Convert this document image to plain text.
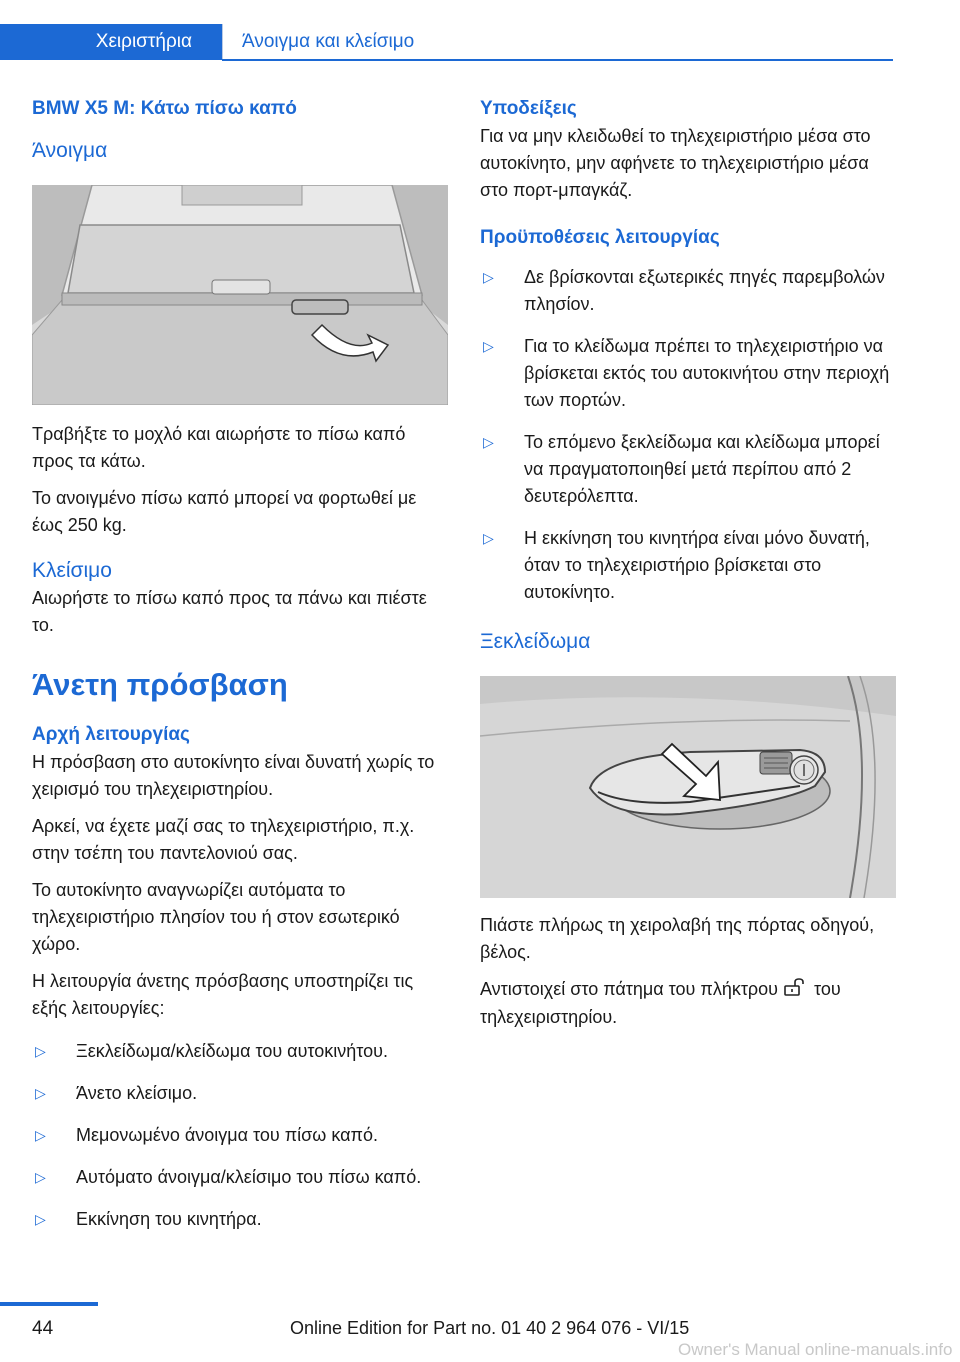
Χειριστήρια	Άνοιγμα και κλείσιμο
BMW X5 M: Κάτω πίσω καπό
Άνοιγμα

Τραβήξτε το μοχλό και αιωρήστε το πίσω καπό προς τα κάτω.

Το ανοιγμένο πίσω καπό μπορεί να φορτωθεί με έως 250 kg.

Κλείσιμο

Αιωρήστε το πίσω καπό προς τα πάνω και πιέστε το.

Άνετη πρόσβαση
Αρχή λειτουργίας

Η πρόσβαση στο αυτοκίνητο είναι δυνατή χωρίς το χειρισμό του τηλεχειριστηρίου.

Αρκεί, να έχετε μαζί σας το τηλεχειριστήριο, π.χ. στην τσέπη του παντελονιού σας.

Το αυτοκίνητο αναγνωρίζει αυτόματα το τηλεχειριστήριο πλησίον του ή στον εσωτερικό χώρο.

Η λειτουργία άνετης πρόσβασης υποστηρίζει τις εξής λειτουργίες:

▷ Ξεκλείδωμα/κλείδωμα του αυτοκινήτου.
▷ Άνετο κλείσιμο.
▷ Μεμονωμένο άνοιγμα του πίσω καπό.
▷ Αυτόματο άνοιγμα/κλείσιμο του πίσω καπό.
▷ Εκκίνηση του κινητήρα.
Υποδείξεις

Για να μην κλειδωθεί το τηλεχειριστήριο μέσα στο αυτοκίνητο, μην αφήνετε το τηλεχειριστήριο μέσα στο πορτ-μπαγκάζ.

Προϋποθέσεις λειτουργίας
▷ Δε βρίσκονται εξωτερικές πηγές παρεμβολών πλησίον.
▷ Για το κλείδωμα πρέπει το τηλεχειριστήριο να βρίσκεται εκτός του αυτοκινήτου στην περιοχή των πορτών.
▷ Το επόμενο ξεκλείδωμα και κλείδωμα μπορεί να πραγματοποιηθεί μετά περίπου από 2 δευτερόλεπτα.
▷ Η εκκίνηση του κινητήρα είναι μόνο δυνατή, όταν το τηλεχειριστήριο βρίσκεται στο αυτοκίνητο.
Ξεκλείδωμα

Πιάστε πλήρως τη χειρολαβή της πόρτας οδηγού, βέλος.

Αντιστοιχεί στο πάτημα του πλήκτρου του τηλεχειριστηρίου.

44	Online Edition for Part no. 01 40 2 964 076 - VI/15
Owner's Manual online-manuals.info
